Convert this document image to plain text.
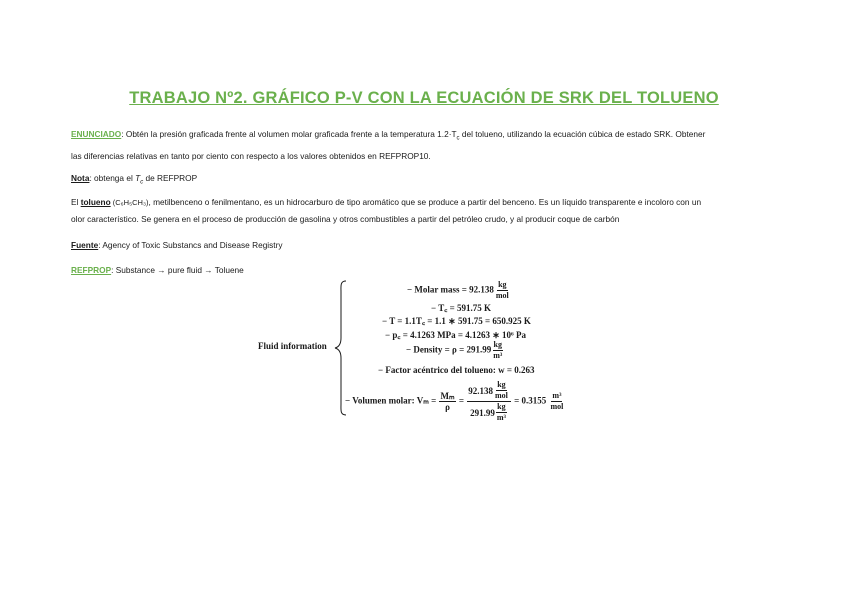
TRABAJO Nº2. GRÁFICO P-V CON LA ECUACIÓN DE SRK DEL TOLUENO
ENUNCIADO: Obtén la presión graficada frente al volumen molar graficada frente a la temperatura $1.2\cdot T_c$ del tolueno, utilizando la ecuación cúbica de estado SRK. Obtener
las diferencias relativas en tanto por ciento con respecto a los valores obtenidos en REFPROP10.
Nota: obtenga el $T_c$ de REFPROP
El tolueno (C₆H₅CH₃), metilbenceno o fenilmentano, es un hidrocarburo de tipo aromático que se produce a partir del benceno. Es un líquido transparente e incoloro con un
olor característico. Se genera en el proceso de producción de gasolina y otros combustibles a partir del petróleo crudo, y al producir coque de carbón
Fuente: Agency of Toxic Substancs and Disease Registry
REFPROP: Substance → pure fluid → Toluene
Fluid information
− Molar mass = $92.138 \frac{kg}{\text{mol}}$
− T꜀ = 591.75 K
− T = 1.1T꜀ = 1.1 ∗ 591.75 = 650.925 K
− p꜀ = 4.1263 MPa = 4.1263 ∗ 10⁶ Pa
− Density = $\rho = 291.99 \frac{kg}{\text{m³}}$
− Factor acéntrico del tolueno: w = 0.263
− Volumen molar: $V_m = \frac{\text{Mₘ}}{\rho} = \frac{92.138 \frac{kg}{\text{mol}}}{291.99 \frac{kg}{\text{m³}}} = 0.3155 \frac{\text{m³}}{\text{mol}}$
